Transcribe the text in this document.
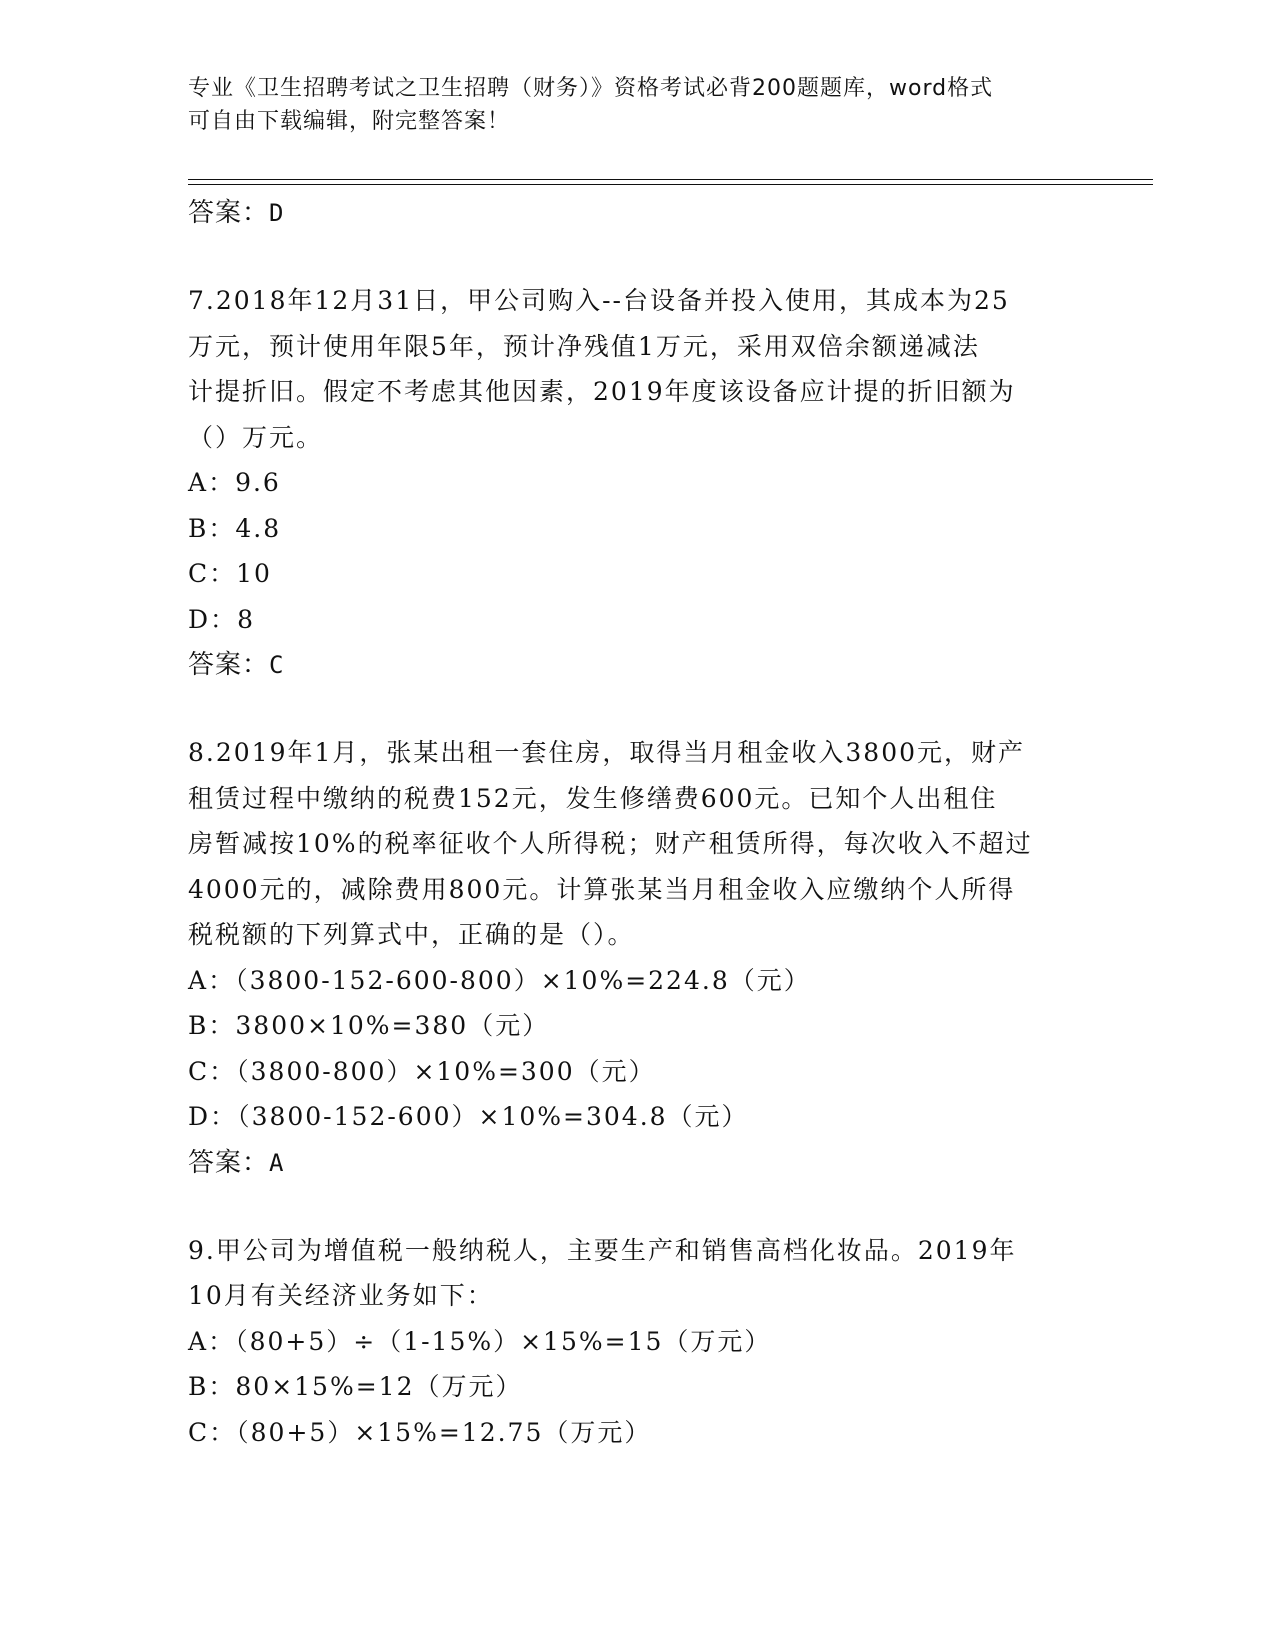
专业《卫生招聘考试之卫生招聘（财务）》资格考试必背200题题库，word格式
可自由下载编辑，附完整答案！
答案：D
7.2018年12月31日，甲公司购入--台设备并投入使用，其成本为25
万元，预计使用年限5年，预计净残值1万元，采用双倍余额递减法
计提折旧。假定不考虑其他因素，2019年度该设备应计提的折旧额为
（）万元。
A：9.6
B：4.8
C：10
D：8
答案：C
8.2019年1月，张某出租一套住房，取得当月租金收入3800元，财产
租赁过程中缴纳的税费152元，发生修缮费600元。已知个人出租住
房暂减按10%的税率征收个人所得税；财产租赁所得，每次收入不超过
4000元的，减除费用800元。计算张某当月租金收入应缴纳个人所得
税税额的下列算式中，正确的是（）。
A：（3800-152-600-800）×10%=224.8（元）
B：3800×10%=380（元）
C：（3800-800）×10%=300（元）
D：（3800-152-600）×10%=304.8（元）
答案：A
9.甲公司为增值税一般纳税人，主要生产和销售高档化妆品。2019年
10月有关经济业务如下：
A：（80+5）÷（1-15%）×15%=15（万元）
B：80×15%=12（万元）
C：（80+5）×15%=12.75（万元）
